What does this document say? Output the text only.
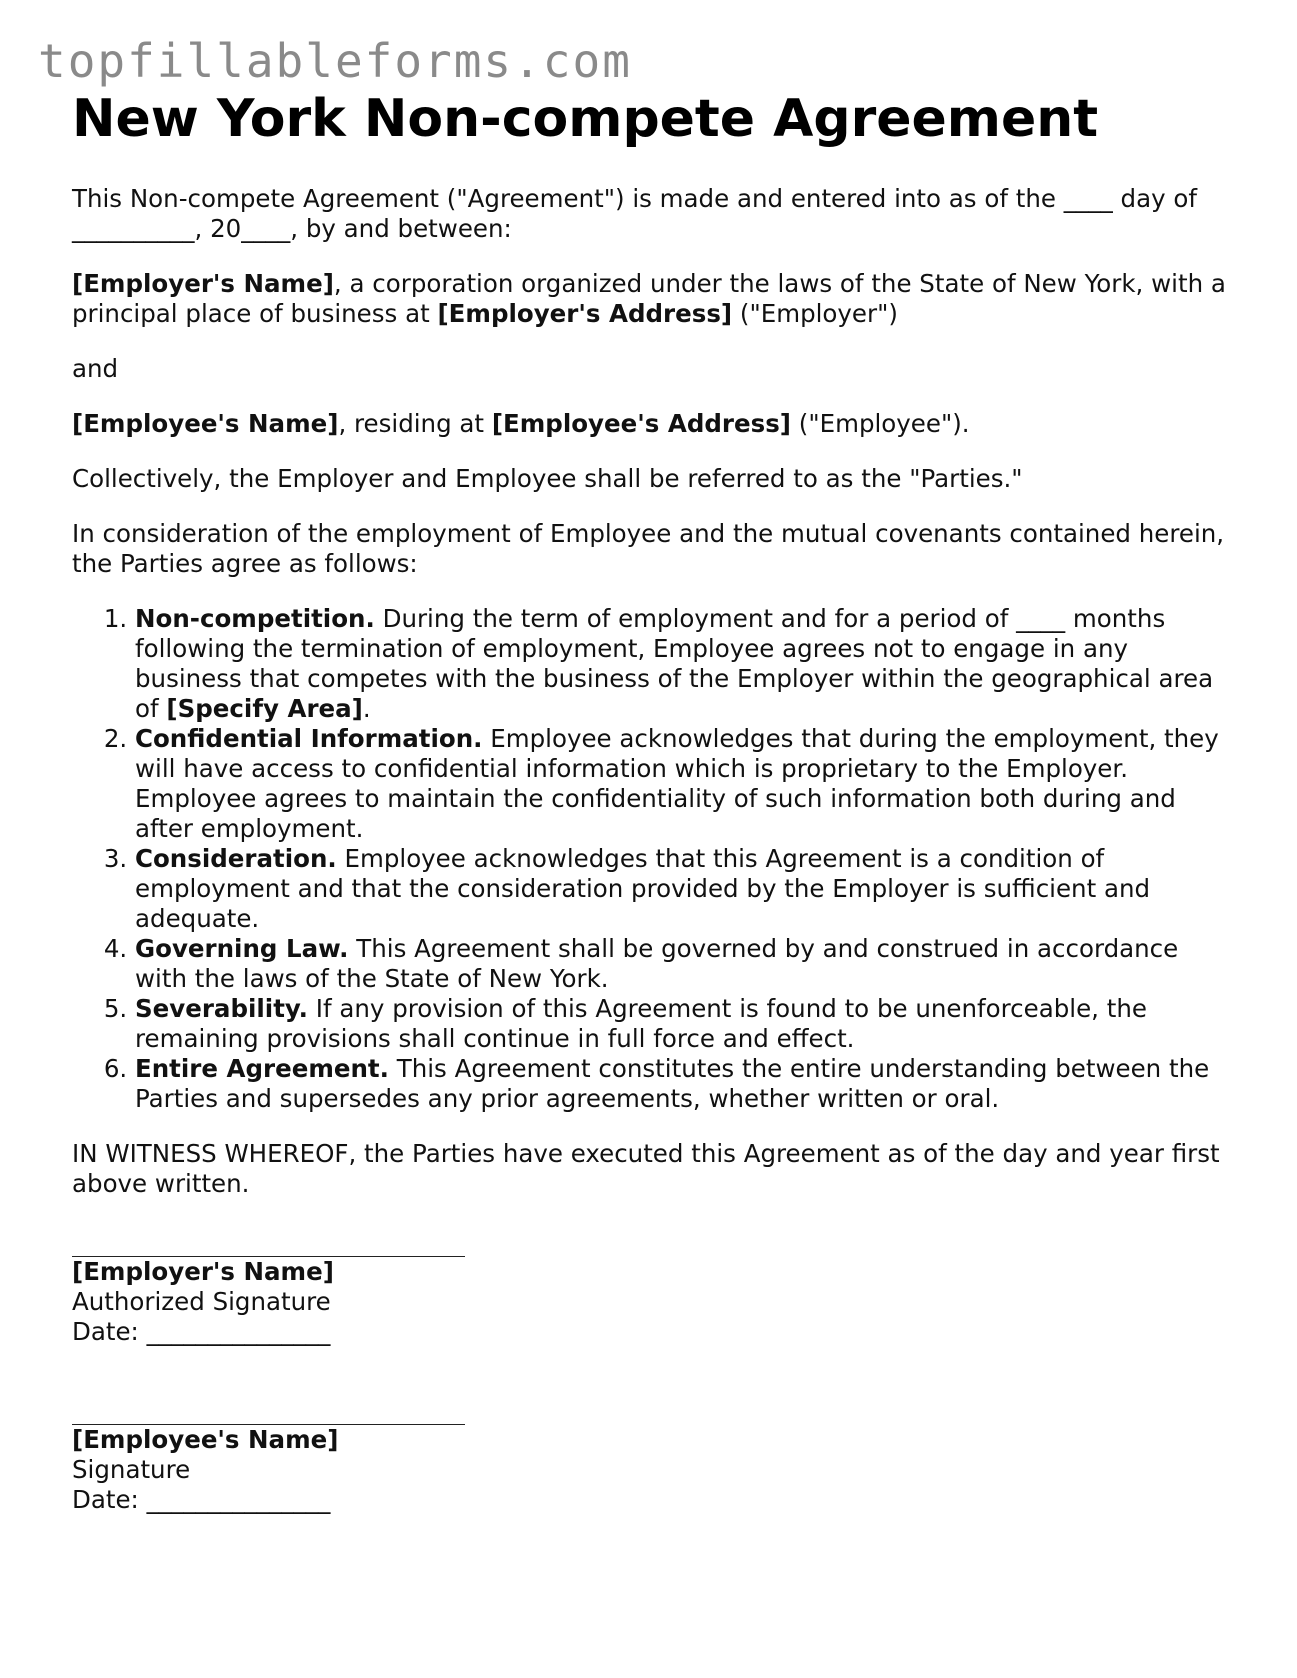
topfillableforms.com
New York Non-compete Agreement

This Non-compete Agreement ("Agreement") is made and entered into as of the ____ day of __________, 20____, by and between:

[Employer's Name], a corporation organized under the laws of the State of New York, with a principal place of business at [Employer's Address] ("Employer")

and

[Employee's Name], residing at [Employee's Address] ("Employee").

Collectively, the Employer and Employee shall be referred to as the "Parties."

In consideration of the employment of Employee and the mutual covenants contained herein, the Parties agree as follows:

1. Non-competition. During the term of employment and for a period of ____ months following the termination of employment, Employee agrees not to engage in any business that competes with the business of the Employer within the geographical area of [Specify Area].
2. Confidential Information. Employee acknowledges that during the employment, they will have access to confidential information which is proprietary to the Employer. Employee agrees to maintain the confidentiality of such information both during and after employment.
3. Consideration. Employee acknowledges that this Agreement is a condition of employment and that the consideration provided by the Employer is sufficient and adequate.
4. Governing Law. This Agreement shall be governed by and construed in accordance with the laws of the State of New York.
5. Severability. If any provision of this Agreement is found to be unenforceable, the remaining provisions shall continue in full force and effect.
6. Entire Agreement. This Agreement constitutes the entire understanding between the Parties and supersedes any prior agreements, whether written or oral.

IN WITNESS WHEREOF, the Parties have executed this Agreement as of the day and year first above written.

[Employer's Name]
Authorized Signature
Date: _______________
[Employee's Name]
Signature
Date: _______________
